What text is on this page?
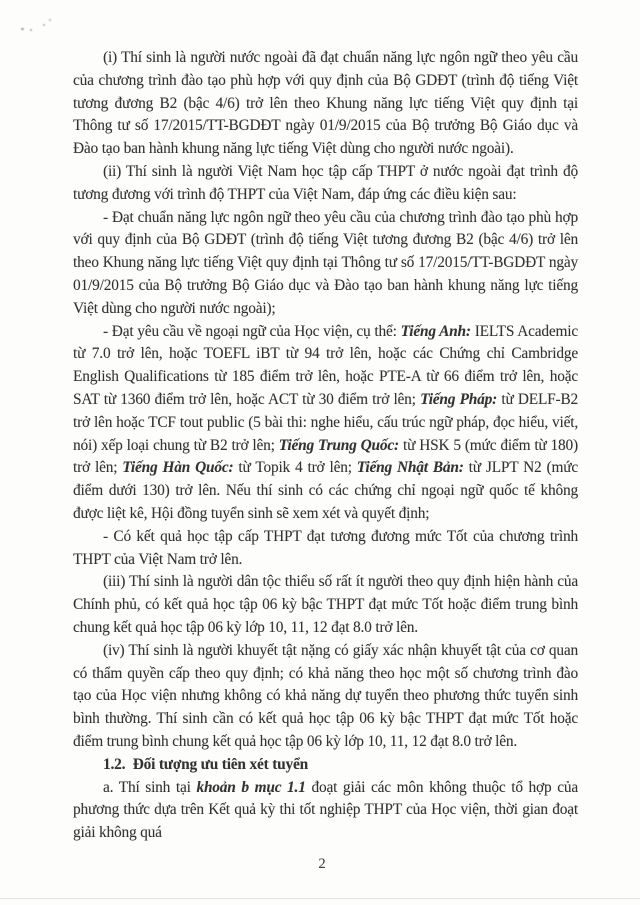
(i) Thí sinh là người nước ngoài đã đạt chuẩn năng lực ngôn ngữ theo yêu cầu của chương trình đào tạo phù hợp với quy định của Bộ GDĐT (trình độ tiếng Việt tương đương B2 (bậc 4/6) trở lên theo Khung năng lực tiếng Việt quy định tại Thông tư số 17/2015/TT-BGDĐT ngày 01/9/2015 của Bộ trưởng Bộ Giáo dục và Đào tạo ban hành khung năng lực tiếng Việt dùng cho người nước ngoài).

(ii) Thí sinh là người Việt Nam học tập cấp THPT ở nước ngoài đạt trình độ tương đương với trình độ THPT của Việt Nam, đáp ứng các điều kiện sau:

- Đạt chuẩn năng lực ngôn ngữ theo yêu cầu của chương trình đào tạo phù hợp với quy định của Bộ GDĐT (trình độ tiếng Việt tương đương B2 (bậc 4/6) trở lên theo Khung năng lực tiếng Việt quy định tại Thông tư số 17/2015/TT-BGDĐT ngày 01/9/2015 của Bộ trưởng Bộ Giáo dục và Đào tạo ban hành khung năng lực tiếng Việt dùng cho người nước ngoài);

- Đạt yêu cầu về ngoại ngữ của Học viện, cụ thể: Tiếng Anh: IELTS Academic từ 7.0 trở lên, hoặc TOEFL iBT từ 94 trở lên, hoặc các Chứng chỉ Cambridge English Qualifications từ 185 điểm trở lên, hoặc PTE-A từ 66 điểm trở lên, hoặc SAT từ 1360 điểm trở lên, hoặc ACT từ 30 điểm trở lên; Tiếng Pháp: từ DELF-B2 trở lên hoặc TCF tout public (5 bài thi: nghe hiểu, cấu trúc ngữ pháp, đọc hiểu, viết, nói) xếp loại chung từ B2 trở lên; Tiếng Trung Quốc: từ HSK 5 (mức điểm từ 180) trở lên; Tiếng Hàn Quốc: từ Topik 4 trở lên; Tiếng Nhật Bản: từ JLPT N2 (mức điểm dưới 130) trở lên. Nếu thí sinh có các chứng chỉ ngoại ngữ quốc tế không được liệt kê, Hội đồng tuyển sinh sẽ xem xét và quyết định;

- Có kết quả học tập cấp THPT đạt tương đương mức Tốt của chương trình THPT của Việt Nam trở lên.

(iii) Thí sinh là người dân tộc thiểu số rất ít người theo quy định hiện hành của Chính phủ, có kết quả học tập 06 kỳ bậc THPT đạt mức Tốt hoặc điểm trung bình chung kết quả học tập 06 kỳ lớp 10, 11, 12 đạt 8.0 trở lên.

(iv) Thí sinh là người khuyết tật nặng có giấy xác nhận khuyết tật của cơ quan có thẩm quyền cấp theo quy định; có khả năng theo học một số chương trình đào tạo của Học viện nhưng không có khả năng dự tuyển theo phương thức tuyển sinh bình thường. Thí sinh cần có kết quả học tập 06 kỳ bậc THPT đạt mức Tốt hoặc điểm trung bình chung kết quả học tập 06 kỳ lớp 10, 11, 12 đạt 8.0 trở lên.

1.2.  Đối tượng ưu tiên xét tuyển

a. Thí sinh tại khoản b mục 1.1 đoạt giải các môn không thuộc tổ hợp của phương thức dựa trên Kết quả kỳ thi tốt nghiệp THPT của Học viện, thời gian đoạt giải không quá

2
